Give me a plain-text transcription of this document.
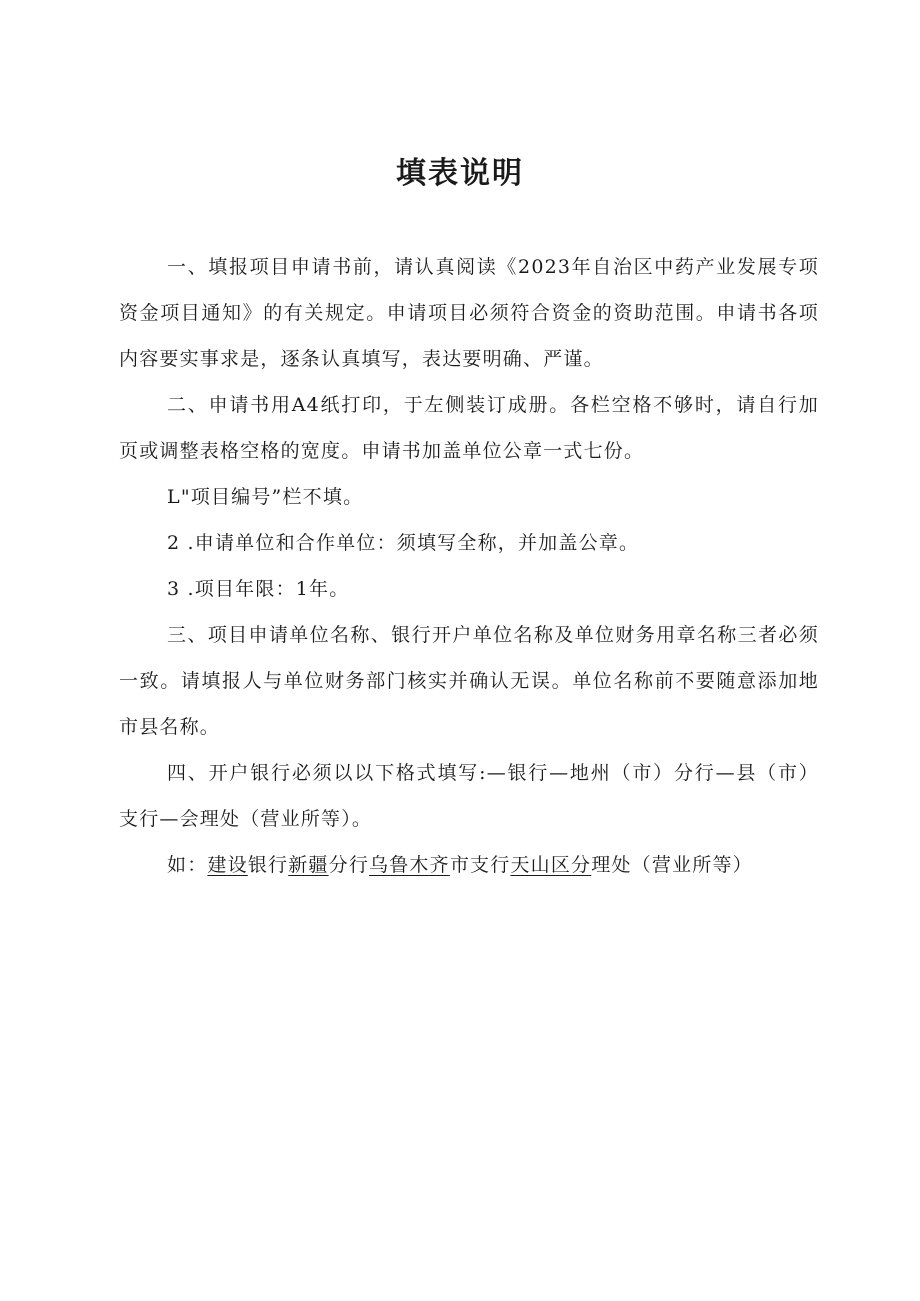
填表说明

一、填报项目申请书前，请认真阅读《2023年自治区中药产业发展专项资金项目通知》的有关规定。申请项目必须符合资金的资助范围。申请书各项内容要实事求是，逐条认真填写，表达要明确、严谨。

二、申请书用A4纸打印，于左侧装订成册。各栏空格不够时，请自行加页或调整表格空格的宽度。申请书加盖单位公章一式七份。

L"项目编号”栏不填。

2 .申请单位和合作单位：须填写全称，并加盖公章。

3 .项目年限：1年。

三、项目申请单位名称、银行开户单位名称及单位财务用章名称三者必须一致。请填报人与单位财务部门核实并确认无误。单位名称前不要随意添加地市县名称。

四、开户银行必须以以下格式填写:—银行—地州（市）分行—县（市）支行—会理处（营业所等）。

如：建设银行新疆分行乌鲁木齐市支行天山区分理处（营业所等）
